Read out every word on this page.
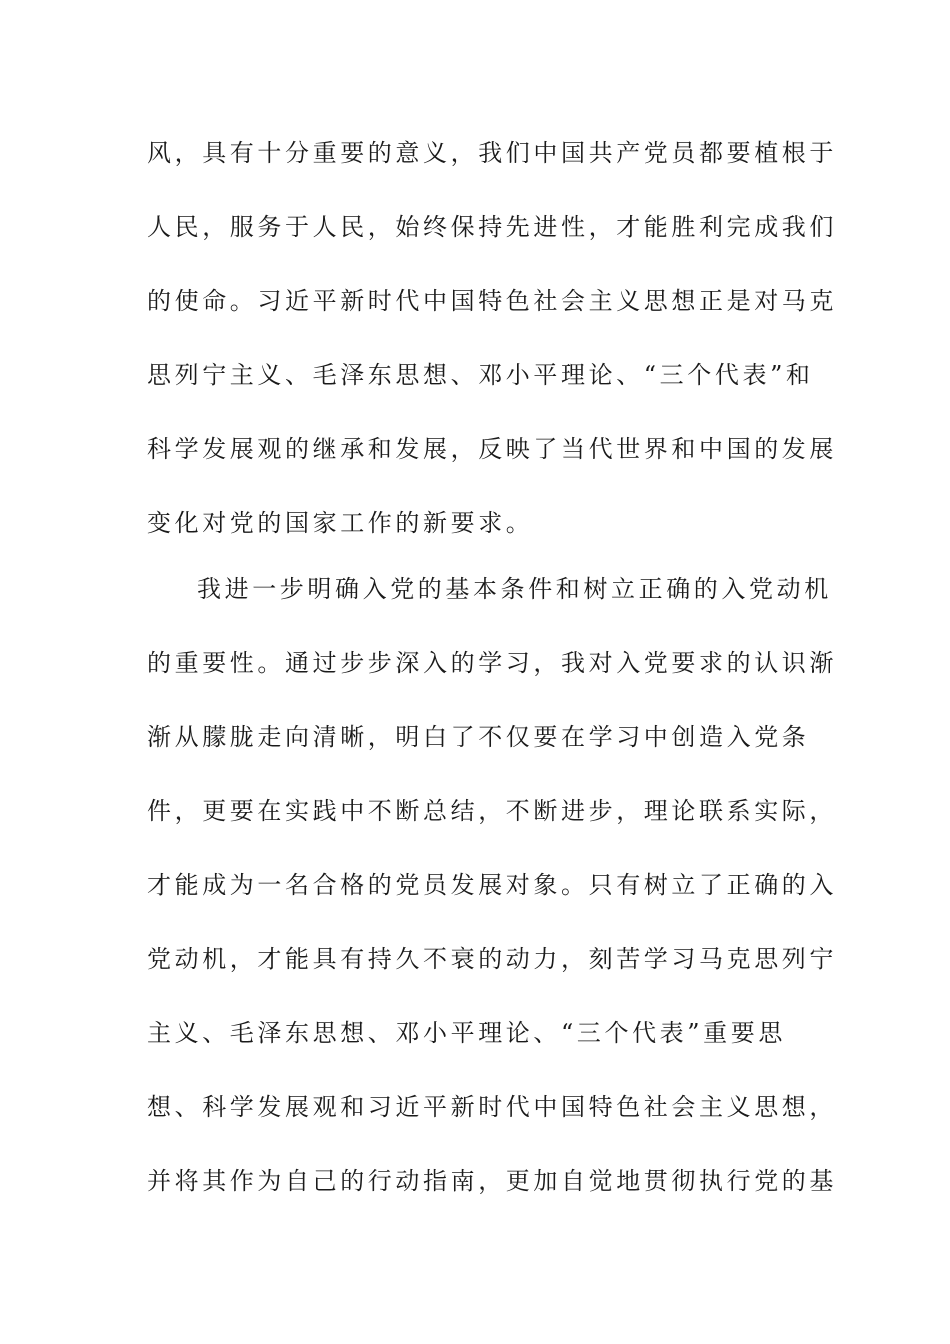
风，具有十分重要的意义，我们中国共产党员都要植根于
人民，服务于人民，始终保持先进性，才能胜利完成我们
的使命。习近平新时代中国特色社会主义思想正是对马克
思列宁主义、毛泽东思想、邓小平理论、“三个代表”和
科学发展观的继承和发展，反映了当代世界和中国的发展
变化对党的国家工作的新要求。
我进一步明确入党的基本条件和树立正确的入党动机
的重要性。通过步步深入的学习，我对入党要求的认识渐
渐从朦胧走向清晰，明白了不仅要在学习中创造入党条
件，更要在实践中不断总结，不断进步，理论联系实际，
才能成为一名合格的党员发展对象。只有树立了正确的入
党动机，才能具有持久不衰的动力，刻苦学习马克思列宁
主义、毛泽东思想、邓小平理论、“三个代表”重要思
想、科学发展观和习近平新时代中国特色社会主义思想，
并将其作为自己的行动指南，更加自觉地贯彻执行党的基
